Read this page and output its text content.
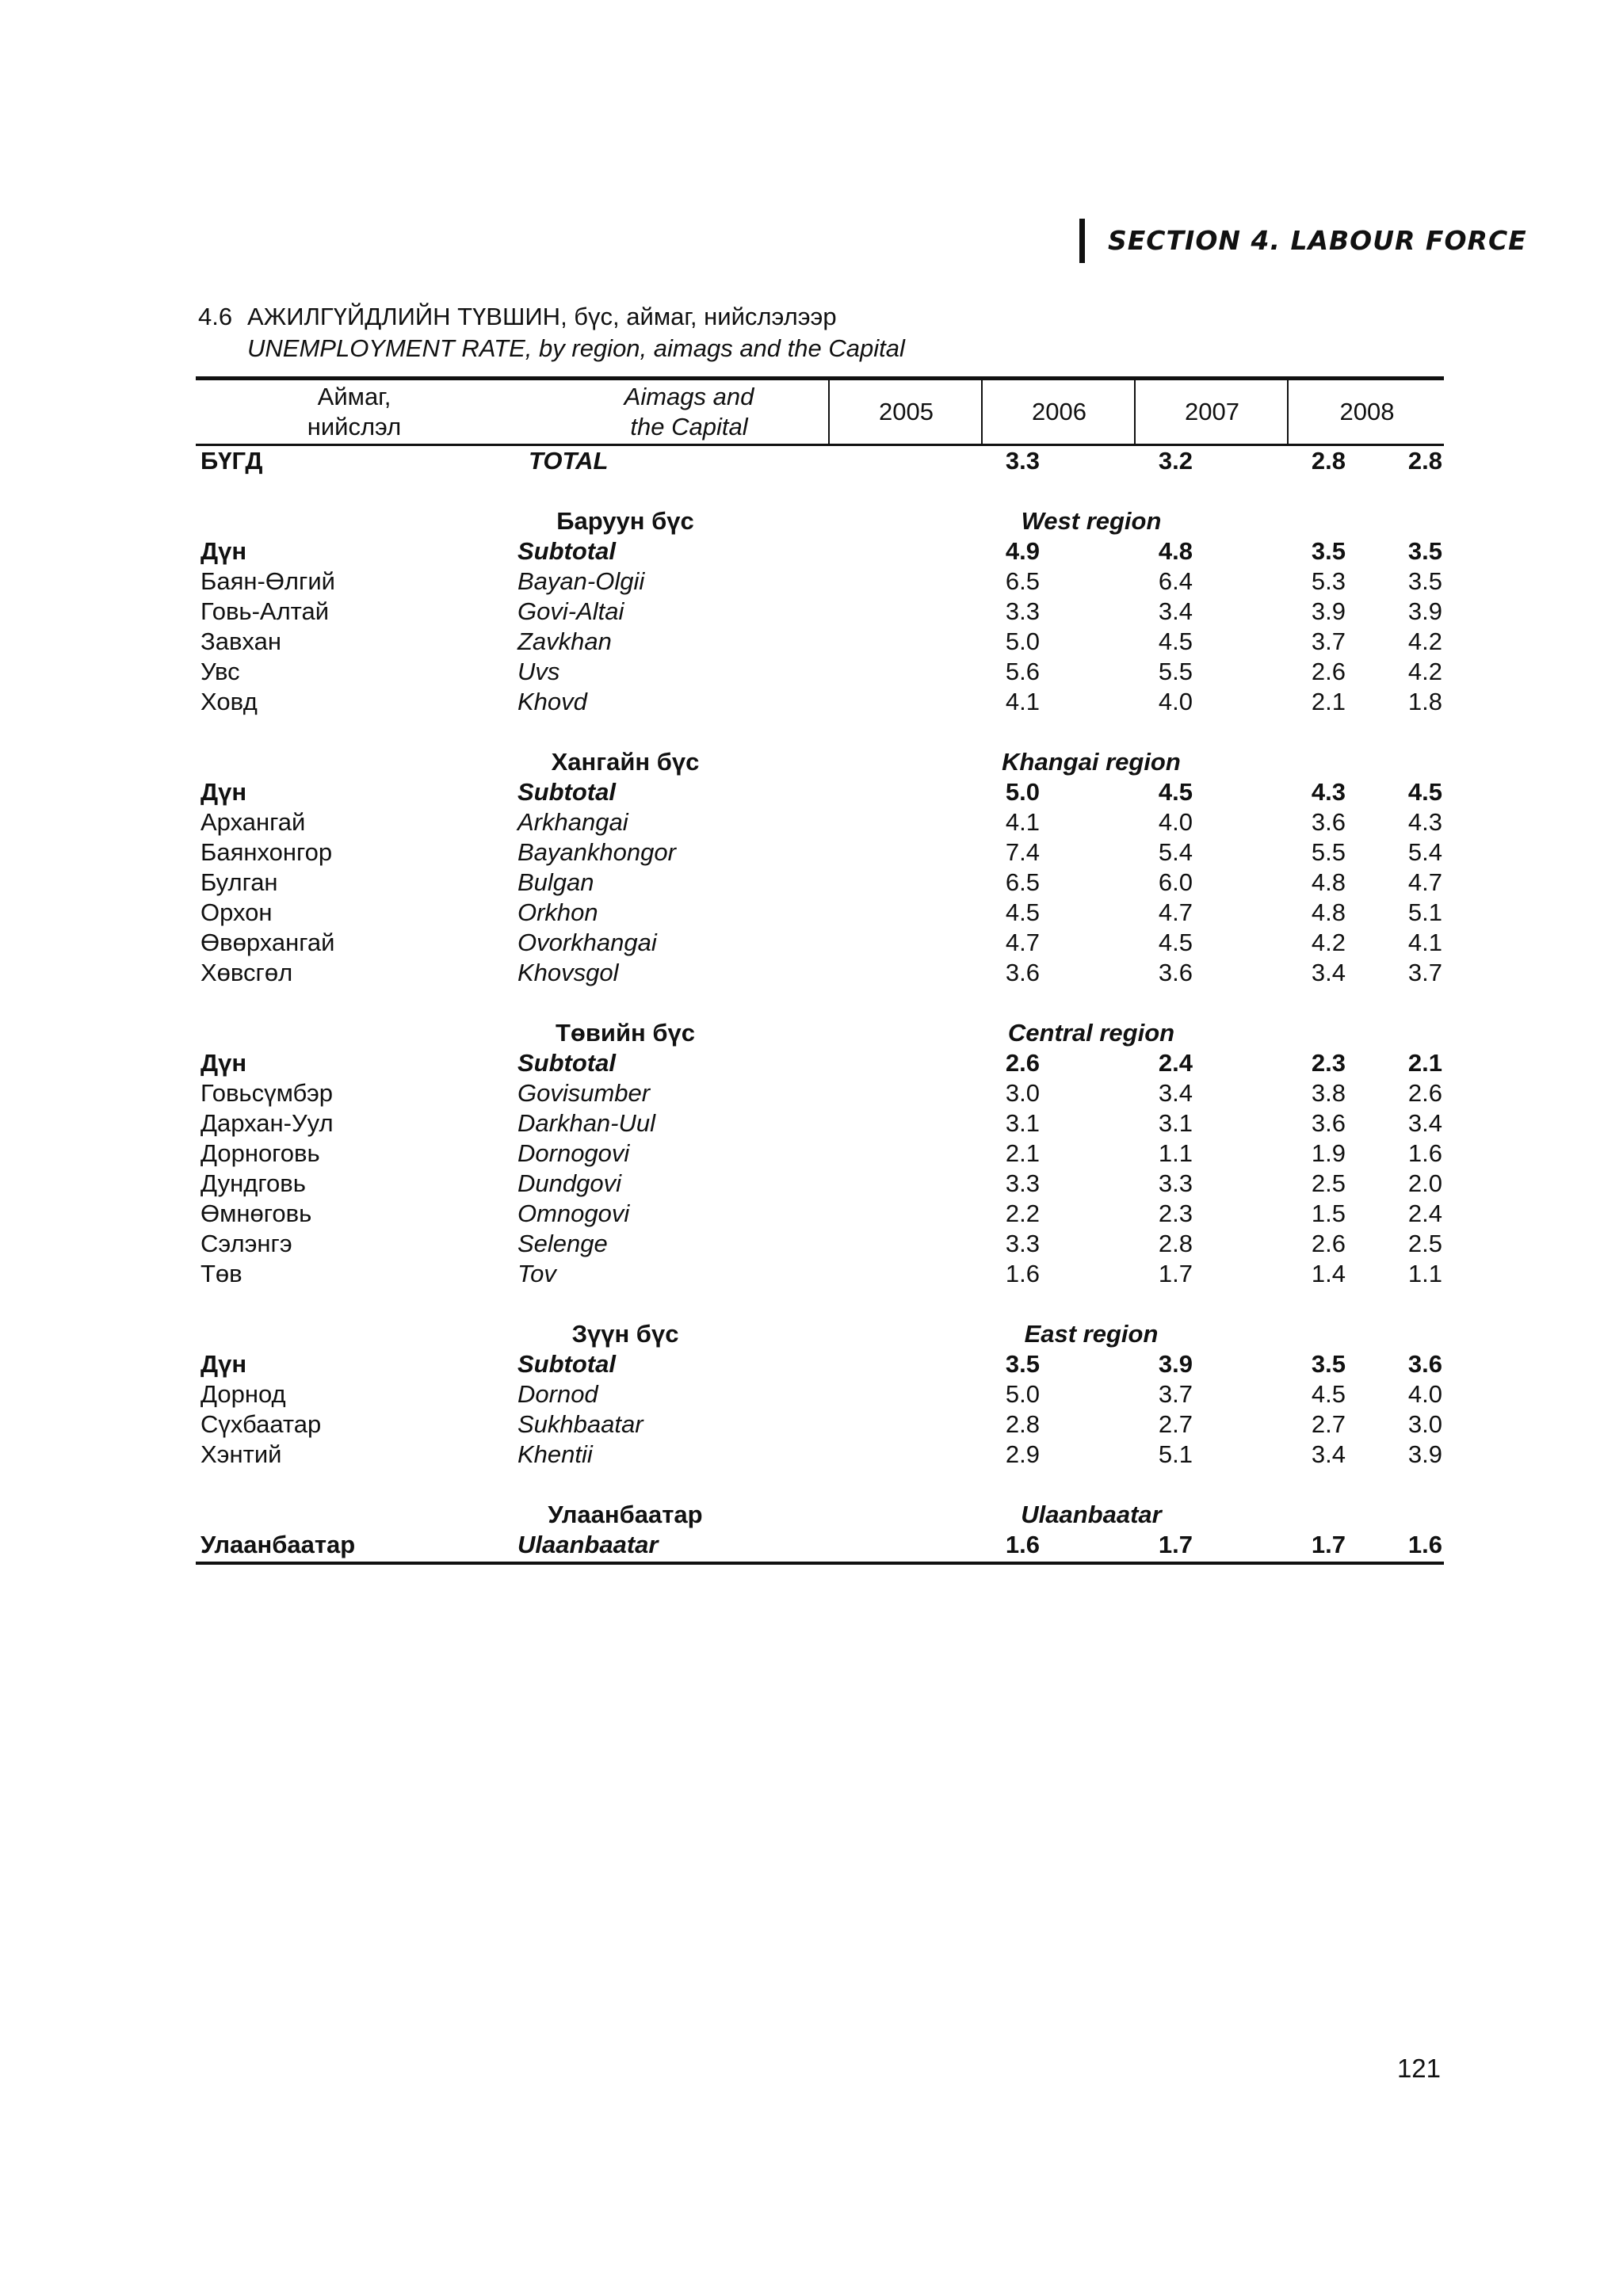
SECTION 4. LABOUR FORCE
4.6 АЖИЛГҮЙДЛИЙН ТҮВШИН, бүс, аймаг, нийслэлээр
UNEMPLOYMENT RATE, by region, aimags and the Capital
Аймаг,
нийслэл
Aimags and
the Capital
2005	2006	2007	2008
БҮГД	TOTAL	3.3	3.2	2.8	2.8
Баруун бүс	West region
Дүн	Subtotal	4.9	4.8	3.5	3.5
Баян-Өлгий	Bayan-Olgii	6.5	6.4	5.3	3.5
Говь-Алтай	Govi-Altai	3.3	3.4	3.9	3.9
Завхан	Zavkhan	5.0	4.5	3.7	4.2
Увс	Uvs	5.6	5.5	2.6	4.2
Ховд	Khovd	4.1	4.0	2.1	1.8
Хангайн бүс	Khangai region
Дүн	Subtotal	5.0	4.5	4.3	4.5
Архангай	Arkhangai	4.1	4.0	3.6	4.3
Баянхонгор	Bayankhongor	7.4	5.4	5.5	5.4
Булган	Bulgan	6.5	6.0	4.8	4.7
Орхон	Orkhon	4.5	4.7	4.8	5.1
Өвөрхангай	Ovorkhangai	4.7	4.5	4.2	4.1
Хөвсгөл	Khovsgol	3.6	3.6	3.4	3.7
Төвийн бүс	Central region
Дүн	Subtotal	2.6	2.4	2.3	2.1
Говьсүмбэр	Govisumber	3.0	3.4	3.8	2.6
Дархан-Уул	Darkhan-Uul	3.1	3.1	3.6	3.4
Дорноговь	Dornogovi	2.1	1.1	1.9	1.6
Дундговь	Dundgovi	3.3	3.3	2.5	2.0
Өмнөговь	Omnogovi	2.2	2.3	1.5	2.4
Сэлэнгэ	Selenge	3.3	2.8	2.6	2.5
Төв	Tov	1.6	1.7	1.4	1.1
Зүүн бүс	East region
Дүн	Subtotal	3.5	3.9	3.5	3.6
Дорнод	Dornod	5.0	3.7	4.5	4.0
Сүхбаатар	Sukhbaatar	2.8	2.7	2.7	3.0
Хэнтий	Khentii	2.9	5.1	3.4	3.9
Улаанбаатар	Ulaanbaatar
Улаанбаатар	Ulaanbaatar	1.6	1.7	1.7	1.6
121
